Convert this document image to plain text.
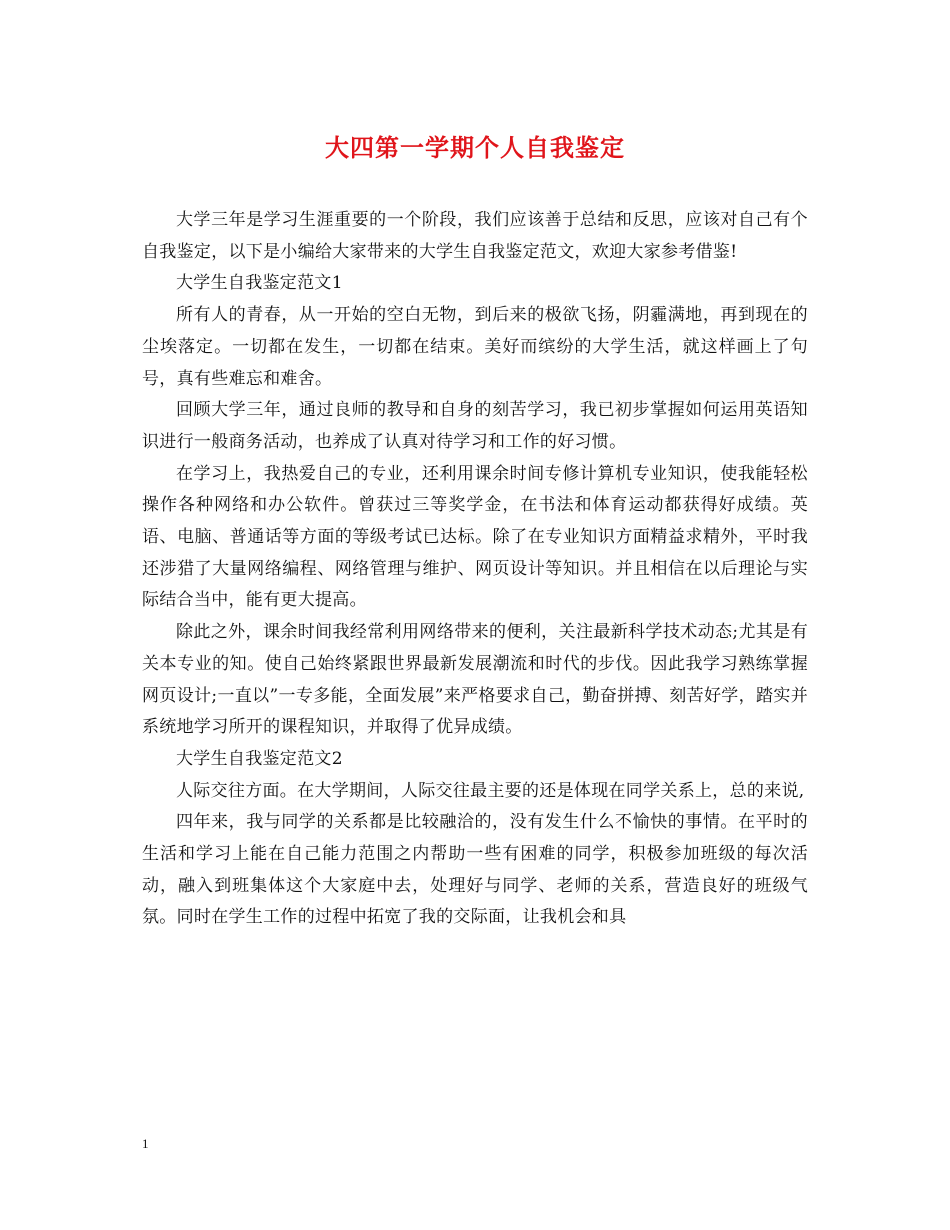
大四第一学期个人自我鉴定

大学三年是学习生涯重要的一个阶段，我们应该善于总结和反思，应该对自己有个自我鉴定，以下是小编给大家带来的大学生自我鉴定范文，欢迎大家参考借鉴!

大学生自我鉴定范文1

所有人的青春，从一开始的空白无物，到后来的极欲飞扬，阴霾满地，再到现在的尘埃落定。一切都在发生，一切都在结束。美好而缤纷的大学生活，就这样画上了句号，真有些难忘和难舍。

回顾大学三年，通过良师的教导和自身的刻苦学习，我已初步掌握如何运用英语知识进行一般商务活动，也养成了认真对待学习和工作的好习惯。

在学习上，我热爱自己的专业，还利用课余时间专修计算机专业知识，使我能轻松操作各种网络和办公软件。曾获过三等奖学金，在书法和体育运动都获得好成绩。英语、电脑、普通话等方面的等级考试已达标。除了在专业知识方面精益求精外，平时我还涉猎了大量网络编程、网络管理与维护、网页设计等知识。并且相信在以后理论与实际结合当中，能有更大提高。

除此之外，课余时间我经常利用网络带来的便利，关注最新科学技术动态;尤其是有关本专业的知。使自己始终紧跟世界最新发展潮流和时代的步伐。因此我学习熟练掌握网页设计;一直以”一专多能，全面发展”来严格要求自己，勤奋拼搏、刻苦好学，踏实并系统地学习所开的课程知识，并取得了优异成绩。

大学生自我鉴定范文2

人际交往方面。在大学期间，人际交往最主要的还是体现在同学关系上，总的来说,

四年来，我与同学的关系都是比较融洽的，没有发生什么不愉快的事情。在平时的生活和学习上能在自己能力范围之内帮助一些有困难的同学，积极参加班级的每次活动，融入到班集体这个大家庭中去，处理好与同学、老师的关系，营造良好的班级气氛。同时在学生工作的过程中拓宽了我的交际面，让我机会和具

1
